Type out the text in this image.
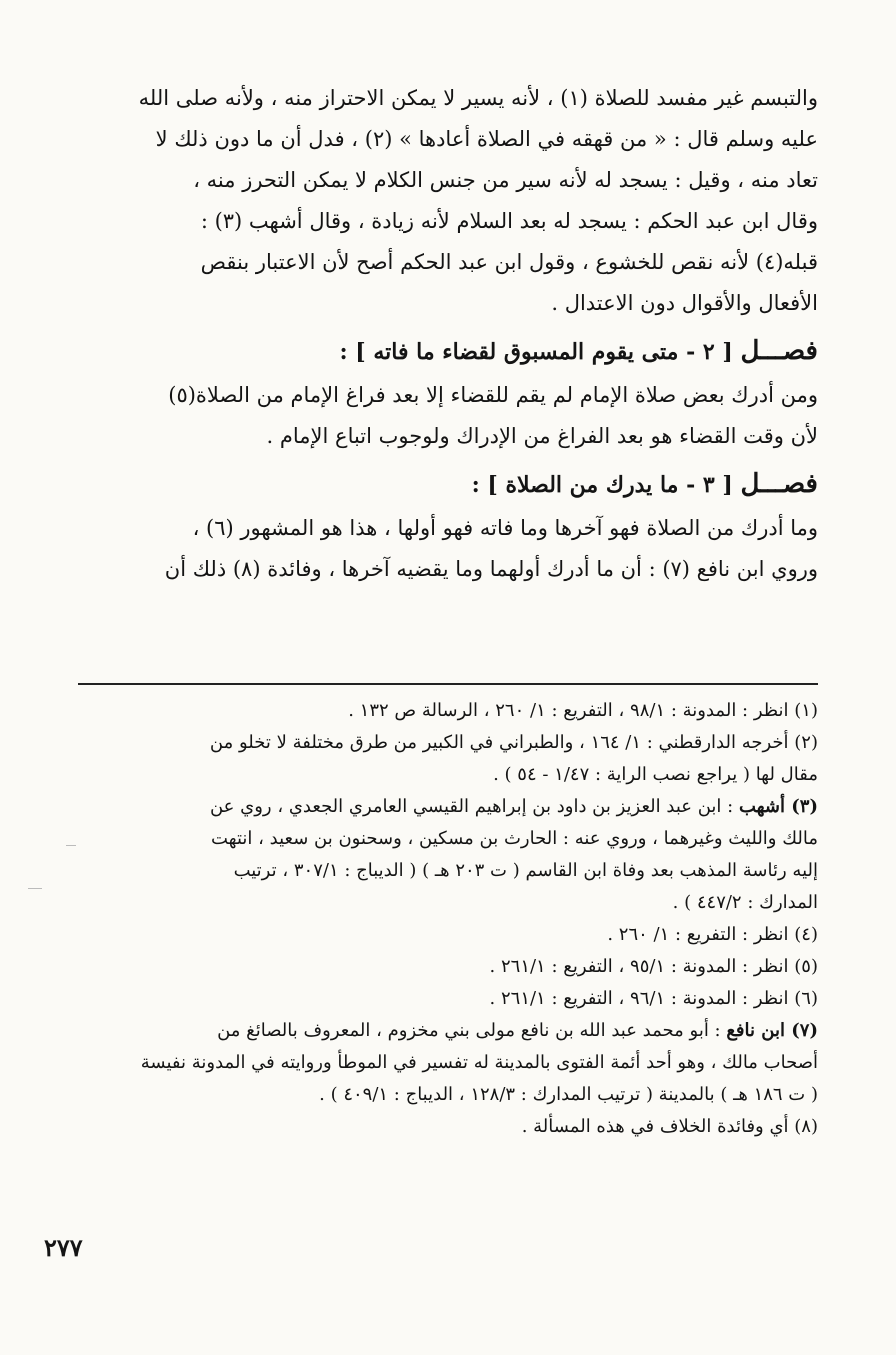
والتبسم غير مفسد للصلاة (١) ، لأنه يسير لا يمكن الاحتراز منه ، ولأنه صلى الله
عليه وسلم قال : « من قهقه في الصلاة أعادها » (٢) ، فدل أن ما دون ذلك لا
تعاد منه ، وقيل : يسجد له لأنه سير من جنس الكلام لا يمكن التحرز منه ،
وقال ابن عبد الحكم : يسجد له بعد السلام لأنه زيادة ، وقال أشهب (٣) :
قبله(٤) لأنه نقص للخشوع ، وقول ابن عبد الحكم أصح لأن الاعتبار بنقص
الأفعال والأقوال دون الاعتدال .
فصـــل [ ٢ - متى يقوم المسبوق لقضاء ما فاته ] :
ومن أدرك بعض صلاة الإمام لم يقم للقضاء إلا بعد فراغ الإمام من الصلاة(٥)
لأن وقت القضاء هو بعد الفراغ من الإدراك ولوجوب اتباع الإمام .
فصـــل [ ٣ - ما يدرك من الصلاة ] :
وما أدرك من الصلاة فهو آخرها وما فاته فهو أولها ، هذا هو المشهور (٦) ،
وروي ابن نافع (٧) : أن ما أدرك أولهما وما يقضيه آخرها ، وفائدة (٨) ذلك أن
(١) انظر : المدونة : ٩٨/١ ، التفريع : ١/ ٢٦٠ ، الرسالة ص ١٣٢ .
(٢) أخرجه الدارقطني : ١/ ١٦٤ ، والطبراني في الكبير من طرق مختلفة لا تخلو من
مقال لها ( يراجع نصب الراية : ١/٤٧ - ٥٤ ) .
(٣) أشهب : ابن عبد العزيز بن داود بن إبراهيم القيسي العامري الجعدي ، روي عن
مالك والليث وغيرهما ، وروي عنه : الحارث بن مسكين ، وسحنون بن سعيد ، انتهت
إليه رئاسة المذهب بعد وفاة ابن القاسم ( ت ٢٠٣ هـ ) ( الديباج : ٣٠٧/١ ، ترتيب
المدارك : ٤٤٧/٢ ) .
(٤) انظر : التفريع : ١/ ٢٦٠ .
(٥) انظر : المدونة : ٩٥/١ ، التفريع : ٢٦١/١ .
(٦) انظر : المدونة : ٩٦/١ ، التفريع : ٢٦١/١ .
(٧) ابن نافع : أبو محمد عبد الله بن نافع مولى بني مخزوم ، المعروف بالصائغ من
أصحاب مالك ، وهو أحد أئمة الفتوى بالمدينة له تفسير في الموطأ وروايته في المدونة نفيسة
( ت ١٨٦ هـ ) بالمدينة ( ترتيب المدارك : ١٢٨/٣ ، الديباج : ٤٠٩/١ ) .
(٨) أي وفائدة الخلاف في هذه المسألة .
٢٧٧
